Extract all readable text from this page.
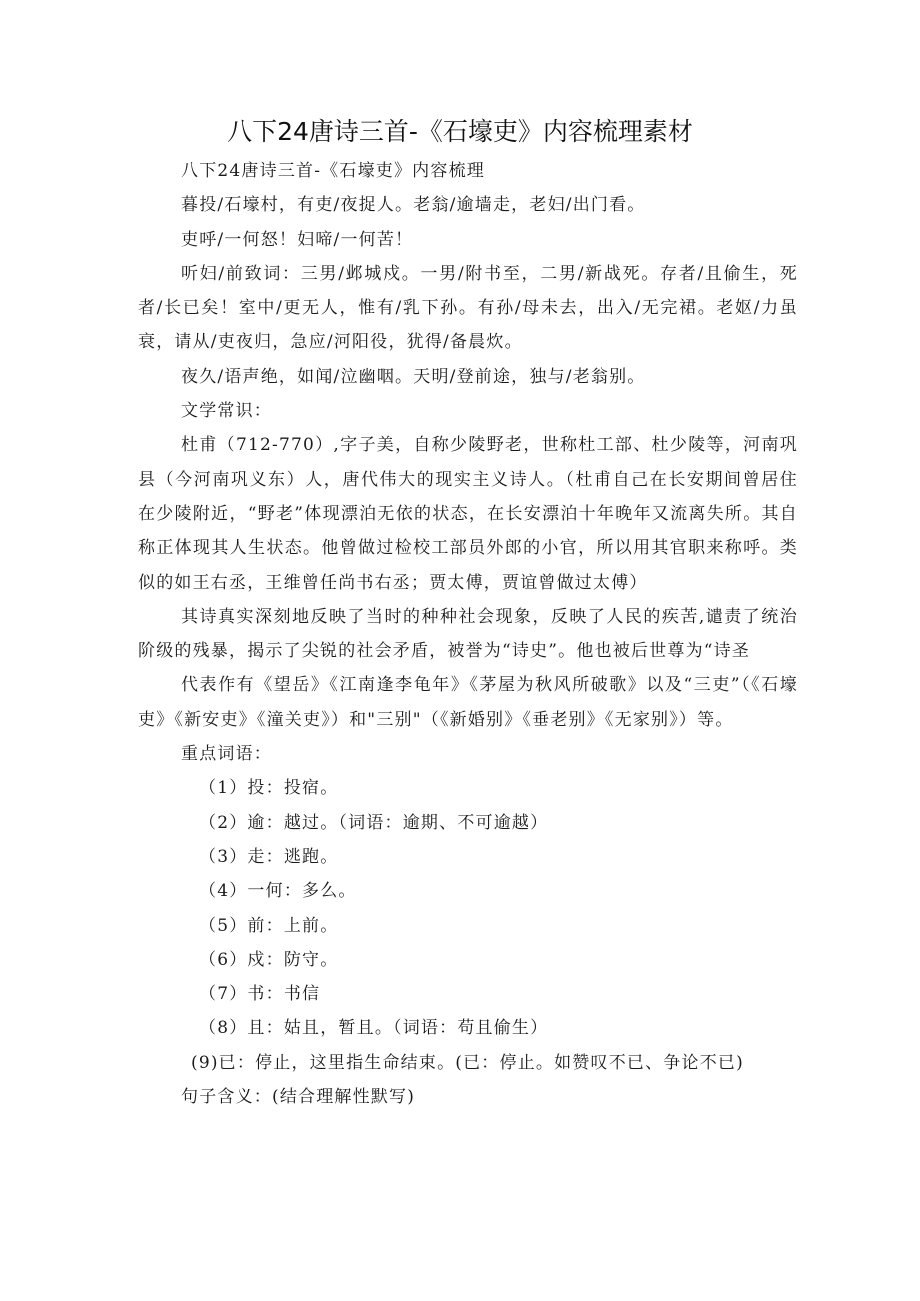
八下24唐诗三首-《石壕吏》内容梳理素材

八下24唐诗三首-《石壕吏》内容梳理

暮投/石壕村，有吏/夜捉人。老翁/逾墙走，老妇/出门看。

吏呼/一何怒！妇啼/一何苦！

听妇/前致词：三男/邺城戍。一男/附书至，二男/新战死。存者/且偷生，死者/长已矣！室中/更无人，惟有/乳下孙。有孙/母未去，出入/无完裙。老妪/力虽衰，请从/吏夜归，急应/河阳役，犹得/备晨炊。

夜久/语声绝，如闻/泣幽咽。天明/登前途，独与/老翁别。

文学常识：

杜甫（712-770）,字子美，自称少陵野老，世称杜工部、杜少陵等，河南巩县（今河南巩义东）人，唐代伟大的现实主义诗人。（杜甫自己在长安期间曾居住在少陵附近，“野老”体现漂泊无依的状态，在长安漂泊十年晚年又流离失所。其自称正体现其人生状态。他曾做过检校工部员外郎的小官，所以用其官职来称呼。类似的如王右丞，王维曾任尚书右丞；贾太傅，贾谊曾做过太傅）

其诗真实深刻地反映了当时的种种社会现象，反映了人民的疾苦,谴责了统治阶级的残暴，揭示了尖锐的社会矛盾，被誉为“诗史”。他也被后世尊为“诗圣

代表作有《望岳》《江南逢李龟年》《茅屋为秋风所破歌》以及“三吏”（《石壕吏》《新安吏》《潼关吏》）和"三别"（《新婚别》《垂老别》《无家别》）等。

重点词语：

（1）投：投宿。

（2）逾：越过。（词语：逾期、不可逾越）

（3）走：逃跑。

（4）一何：多么。

（5）前：上前。

（6）戍：防守。

（7）书：书信

（8）且：姑且，暂且。（词语：苟且偷生）

(9)已：停止，这里指生命结束。(已：停止。如赞叹不已、争论不已)

句子含义：(结合理解性默写)
